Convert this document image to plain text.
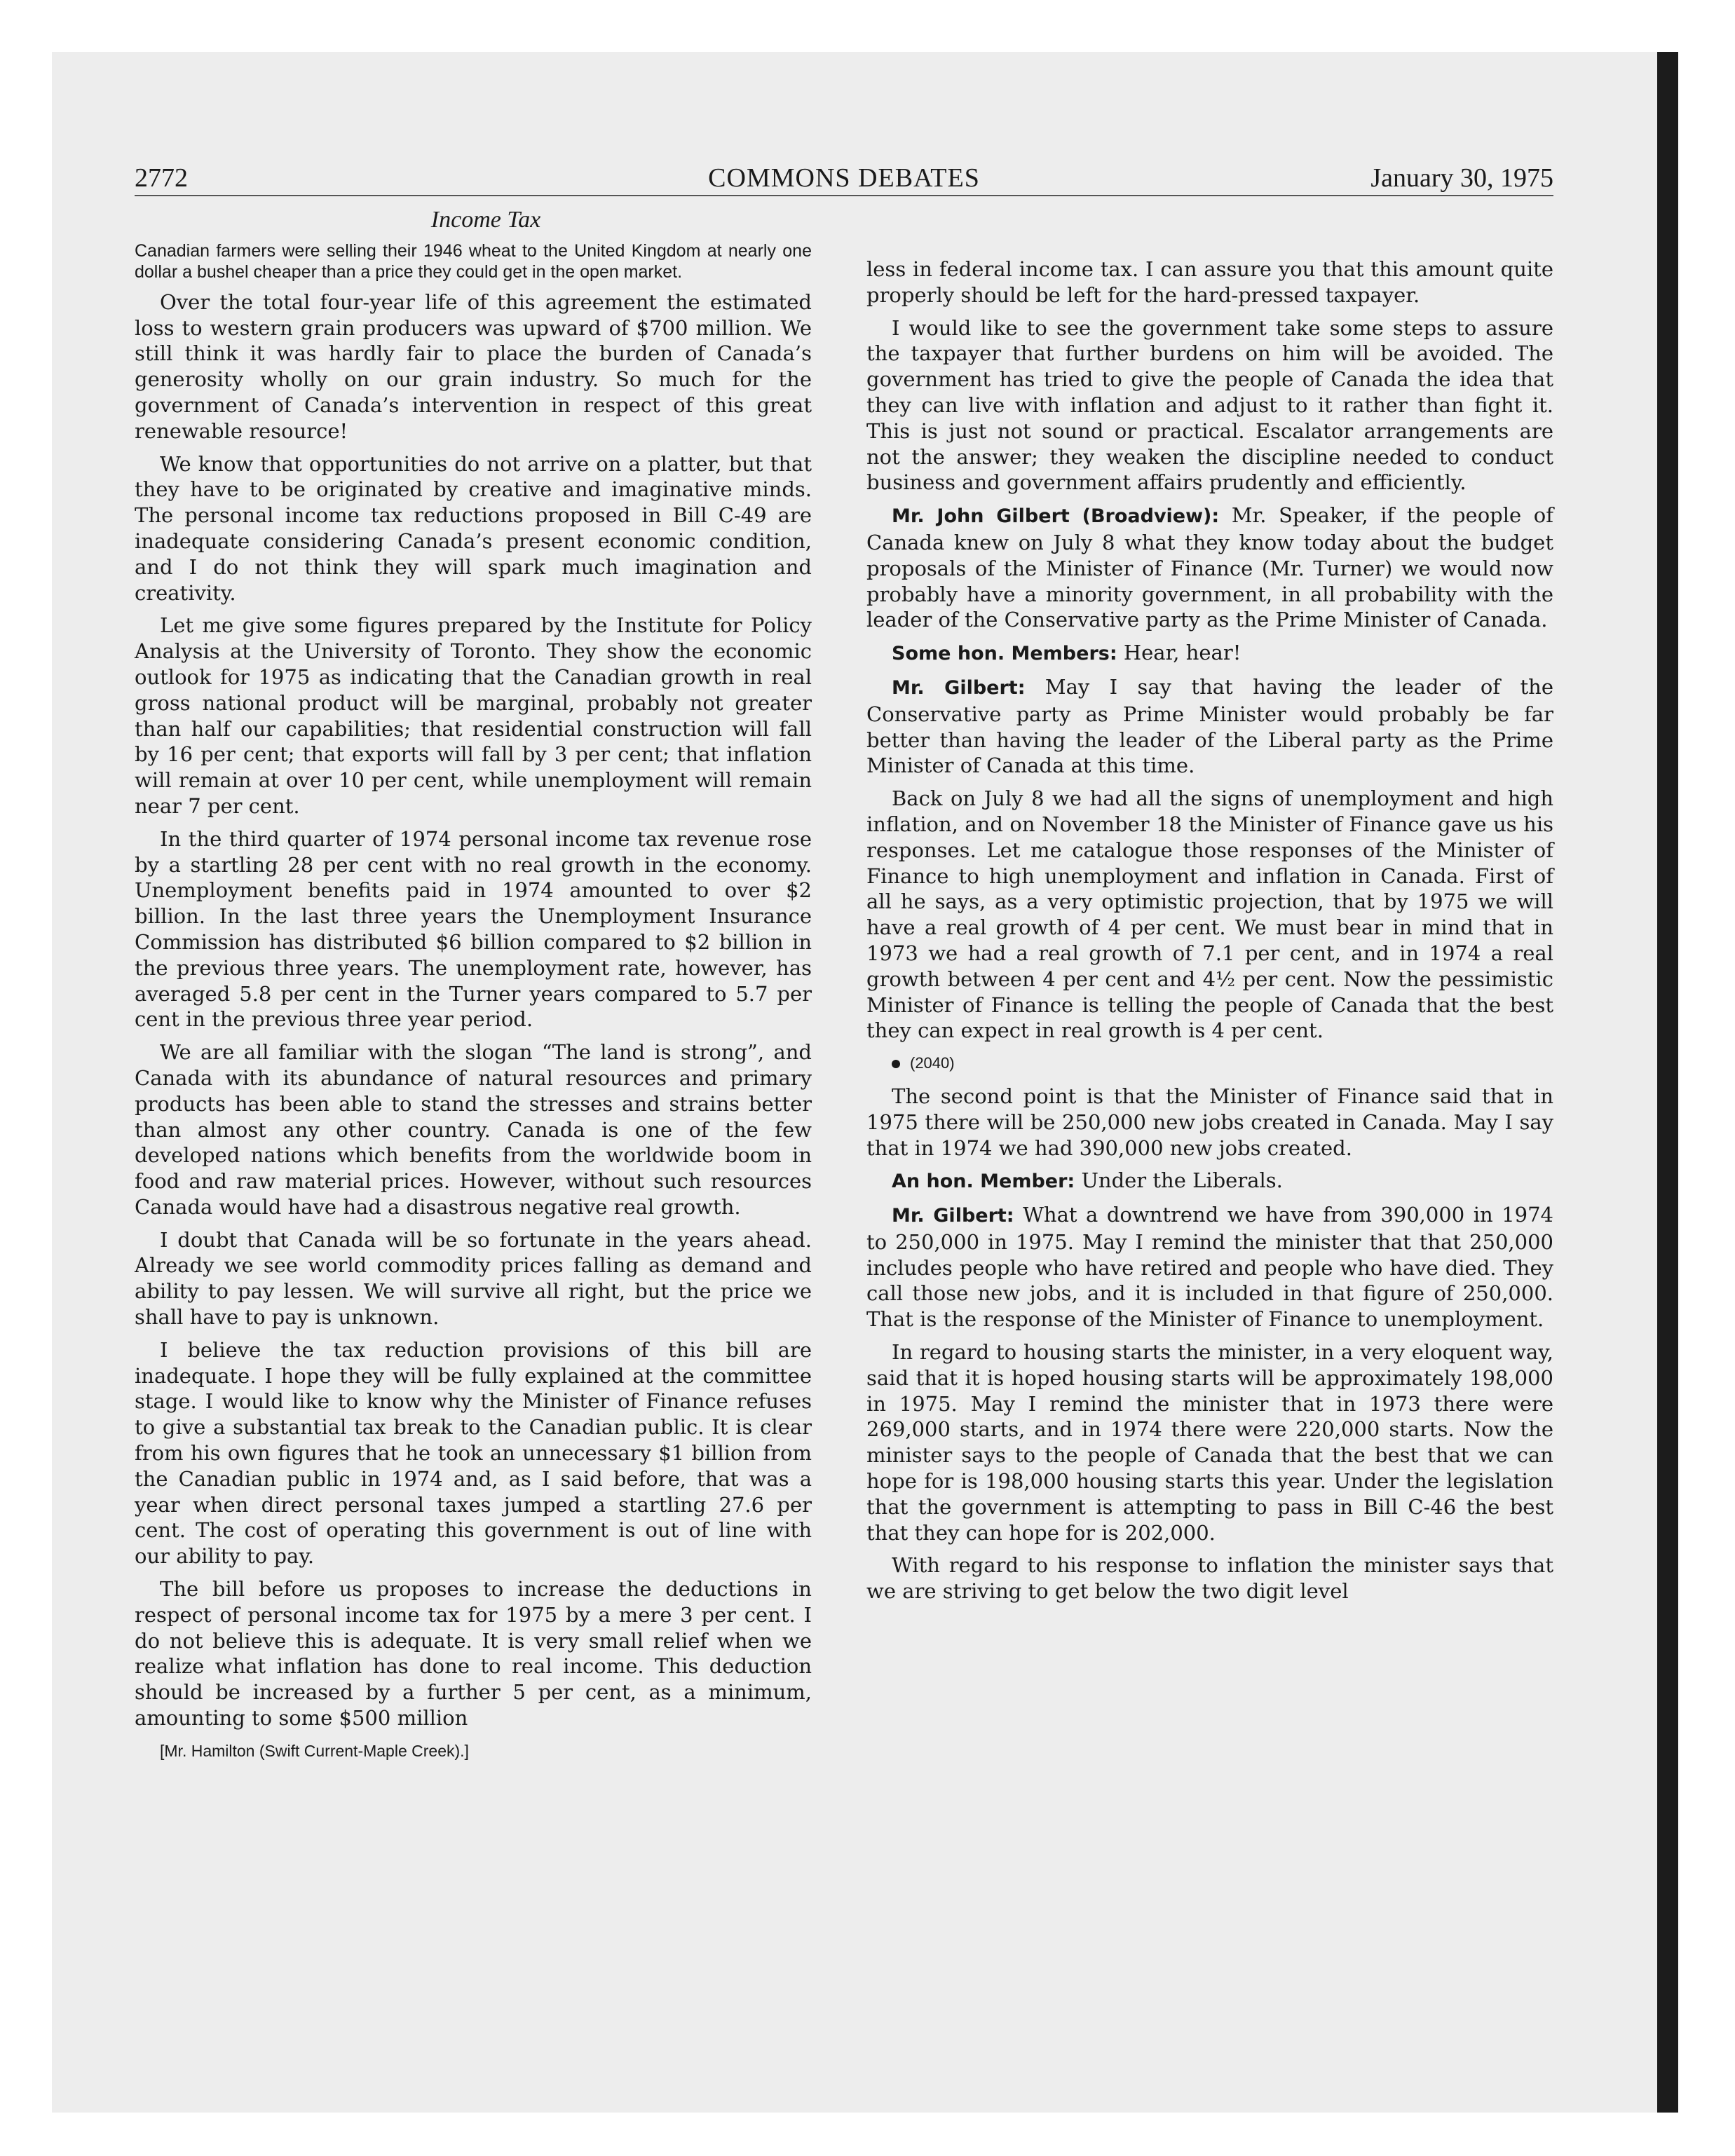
2772	COMMONS DEBATES	January 30, 1975

Income Tax

Canadian farmers were selling their 1946 wheat to the United Kingdom at nearly one dollar a bushel cheaper than a price they could get in the open market.

Over the total four-year life of this agreement the estimated loss to western grain producers was upward of $700 million. We still think it was hardly fair to place the burden of Canada’s generosity wholly on our grain industry. So much for the government of Canada’s intervention in respect of this great renewable resource!

We know that opportunities do not arrive on a platter, but that they have to be originated by creative and imaginative minds. The personal income tax reductions proposed in Bill C-49 are inadequate considering Canada’s present economic condition, and I do not think they will spark much imagination and creativity.

Let me give some figures prepared by the Institute for Policy Analysis at the University of Toronto. They show the economic outlook for 1975 as indicating that the Canadian growth in real gross national product will be marginal, probably not greater than half our capabilities; that residential construction will fall by 16 per cent; that exports will fall by 3 per cent; that inflation will remain at over 10 per cent, while unemployment will remain near 7 per cent.

In the third quarter of 1974 personal income tax revenue rose by a startling 28 per cent with no real growth in the economy. Unemployment benefits paid in 1974 amounted to over $2 billion. In the last three years the Unemployment Insurance Commission has distributed $6 billion compared to $2 billion in the previous three years. The unemployment rate, however, has averaged 5.8 per cent in the Turner years compared to 5.7 per cent in the previous three year period.

We are all familiar with the slogan “The land is strong”, and Canada with its abundance of natural resources and primary products has been able to stand the stresses and strains better than almost any other country. Canada is one of the few developed nations which benefits from the worldwide boom in food and raw material prices. However, without such resources Canada would have had a disastrous negative real growth.

I doubt that Canada will be so fortunate in the years ahead. Already we see world commodity prices falling as demand and ability to pay lessen. We will survive all right, but the price we shall have to pay is unknown.

I believe the tax reduction provisions of this bill are inadequate. I hope they will be fully explained at the committee stage. I would like to know why the Minister of Finance refuses to give a substantial tax break to the Canadian public. It is clear from his own figures that he took an unnecessary $1 billion from the Canadian public in 1974 and, as I said before, that was a year when direct personal taxes jumped a startling 27.6 per cent. The cost of operating this government is out of line with our ability to pay.

The bill before us proposes to increase the deductions in respect of personal income tax for 1975 by a mere 3 per cent. I do not believe this is adequate. It is very small relief when we realize what inflation has done to real income. This deduction should be increased by a further 5 per cent, as a minimum, amounting to some $500 million

[Mr. Hamilton (Swift Current-Maple Creek).]

less in federal income tax. I can assure you that this amount quite properly should be left for the hard-pressed taxpayer.

I would like to see the government take some steps to assure the taxpayer that further burdens on him will be avoided. The government has tried to give the people of Canada the idea that they can live with inflation and adjust to it rather than fight it. This is just not sound or practical. Escalator arrangements are not the answer; they weaken the discipline needed to conduct business and government affairs prudently and efficiently.

Mr. John Gilbert (Broadview): Mr. Speaker, if the people of Canada knew on July 8 what they know today about the budget proposals of the Minister of Finance (Mr. Turner) we would now probably have a minority government, in all probability with the leader of the Conservative party as the Prime Minister of Canada.

Some hon. Members: Hear, hear!

Mr. Gilbert: May I say that having the leader of the Conservative party as Prime Minister would probably be far better than having the leader of the Liberal party as the Prime Minister of Canada at this time.

Back on July 8 we had all the signs of unemployment and high inflation, and on November 18 the Minister of Finance gave us his responses. Let me catalogue those responses of the Minister of Finance to high unemployment and inflation in Canada. First of all he says, as a very optimistic projection, that by 1975 we will have a real growth of 4 per cent. We must bear in mind that in 1973 we had a real growth of 7.1 per cent, and in 1974 a real growth between 4 per cent and 4½ per cent. Now the pessimistic Minister of Finance is telling the people of Canada that the best they can expect in real growth is 4 per cent.

(2040)

The second point is that the Minister of Finance said that in 1975 there will be 250,000 new jobs created in Canada. May I say that in 1974 we had 390,000 new jobs created.

An hon. Member: Under the Liberals.

Mr. Gilbert: What a downtrend we have from 390,000 in 1974 to 250,000 in 1975. May I remind the minister that that 250,000 includes people who have retired and people who have died. They call those new jobs, and it is included in that figure of 250,000. That is the response of the Minister of Finance to unemployment.

In regard to housing starts the minister, in a very eloquent way, said that it is hoped housing starts will be approximately 198,000 in 1975. May I remind the minister that in 1973 there were 269,000 starts, and in 1974 there were 220,000 starts. Now the minister says to the people of Canada that the best that we can hope for is 198,000 housing starts this year. Under the legislation that the government is attempting to pass in Bill C-46 the best that they can hope for is 202,000.

With regard to his response to inflation the minister says that we are striving to get below the two digit level
